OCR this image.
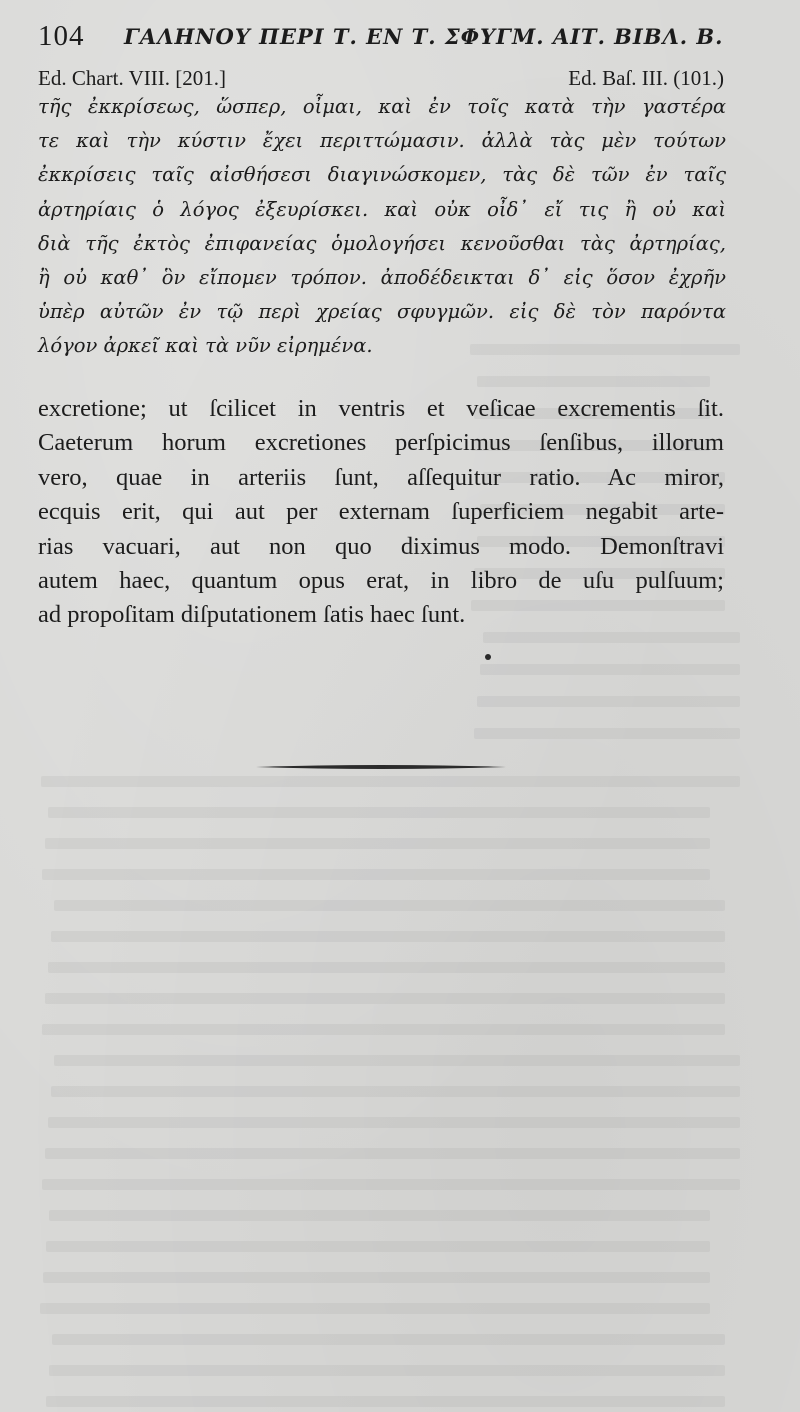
104 ΓΑΛΗΝΟΥ ΠΕΡΙ Τ. ΕΝ Τ. ΣΦΥΓΜ. ΑΙΤ. ΒΙΒΛ. Β.
Ed. Chart. VIII. [201.]	Ed. Baſ. III. (101.)
τῆς ἐκκρίσεως, ὥσπερ, οἶμαι, καὶ ἐν τοῖς κατὰ τὴν γαστέρα
τε καὶ τὴν κύστιν ἔχει περιττώμασιν. ἀλλὰ τὰς μὲν τούτων
ἐκκρίσεις ταῖς αἰσθήσεσι διαγινώσκομεν, τὰς δὲ τῶν ἐν ταῖς
ἀρτηρίαις ὁ λόγος ἐξευρίσκει. καὶ οὐκ οἶδ᾽ εἴ τις ἢ οὐ καὶ
διὰ τῆς ἐκτὸς ἐπιφανείας ὁμολογήσει κενοῦσθαι τὰς ἀρτηρίας,
ἢ οὐ καθ᾽ ὃν εἴπομεν τρόπον. ἀποδέδεικται δ᾽ εἰς ὅσον ἐχρῆν
ὑπὲρ αὐτῶν ἐν τῷ περὶ χρείας σφυγμῶν. εἰς δὲ τὸν παρόντα
λόγον ἀρκεῖ καὶ τὰ νῦν εἰρημένα.
excretione; ut ſcilicet in ventris et veſicae excrementis ſit.
Caeterum horum excretiones perſpicimus ſenſibus, illorum
vero, quae in arteriis ſunt, aſſequitur ratio. Ac miror,
ecquis erit, qui aut per externam ſuperficiem negabit arte-
rias vacuari, aut non quo diximus modo. Demonſtravi
autem haec, quantum opus erat, in libro de uſu pulſuum;
ad propoſitam diſputationem ſatis haec ſunt.
